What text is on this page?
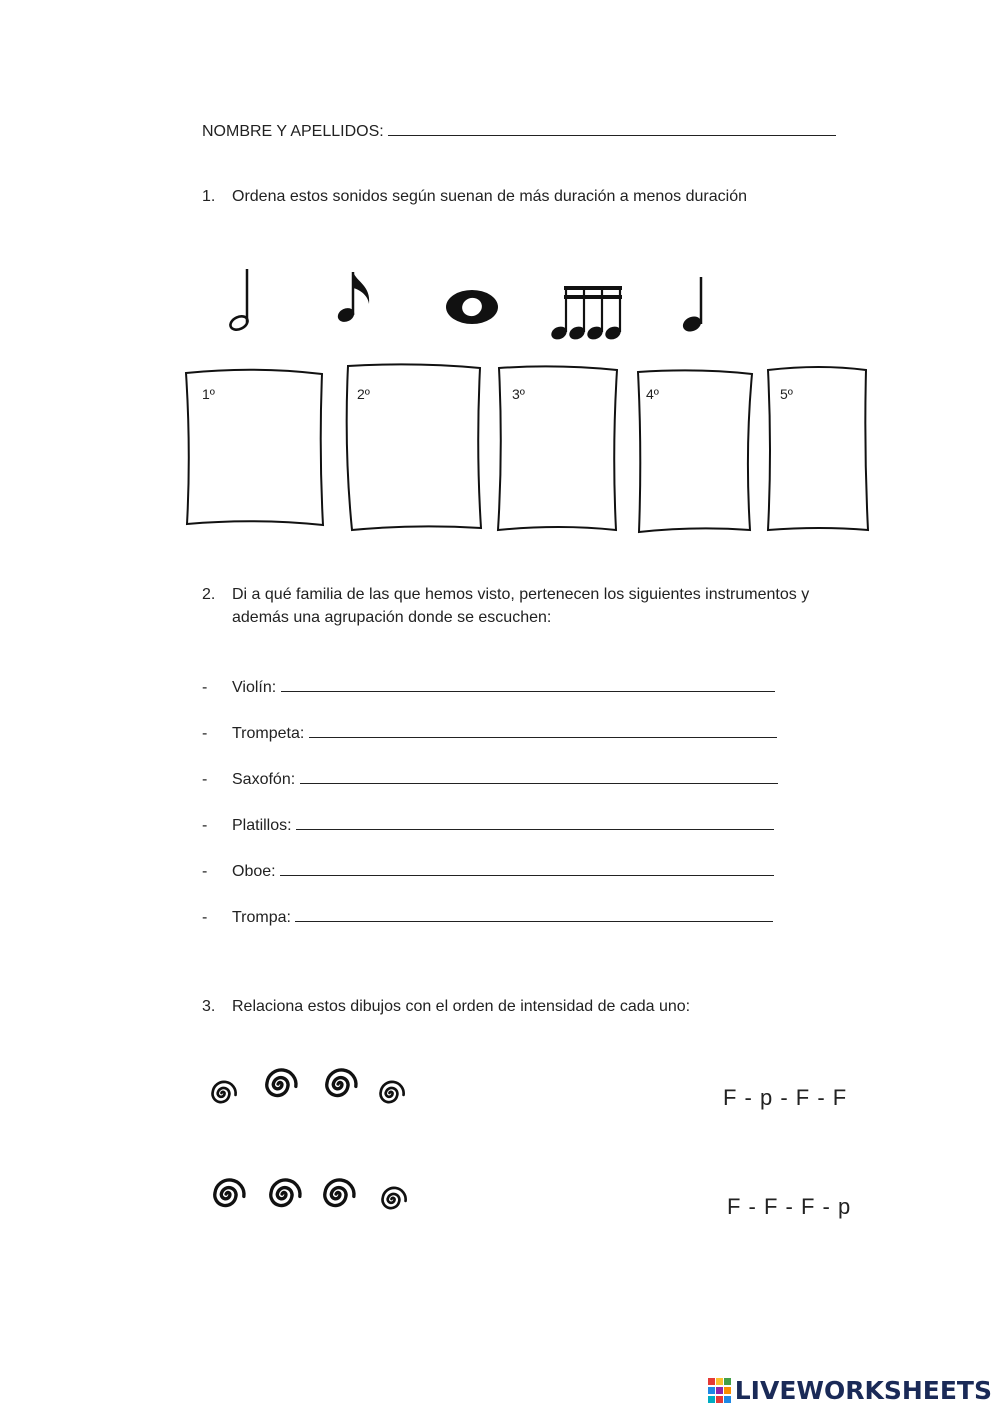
NOMBRE Y APELLIDOS:
1. Ordena estos sonidos según suenan de más duración a menos duración
1º	2º	3º	4º	5º
2. Di a qué familia de las que hemos visto, pertenecen los siguientes instrumentos y
además una agrupación donde se escuchen:
- Violín:
- Trompeta:
- Saxofón:
- Platillos:
- Oboe:
- Trompa:
3. Relaciona estos dibujos con el orden de intensidad de cada uno:
F - p - F - F
F - F - F - p
LIVEWORKSHEETS
